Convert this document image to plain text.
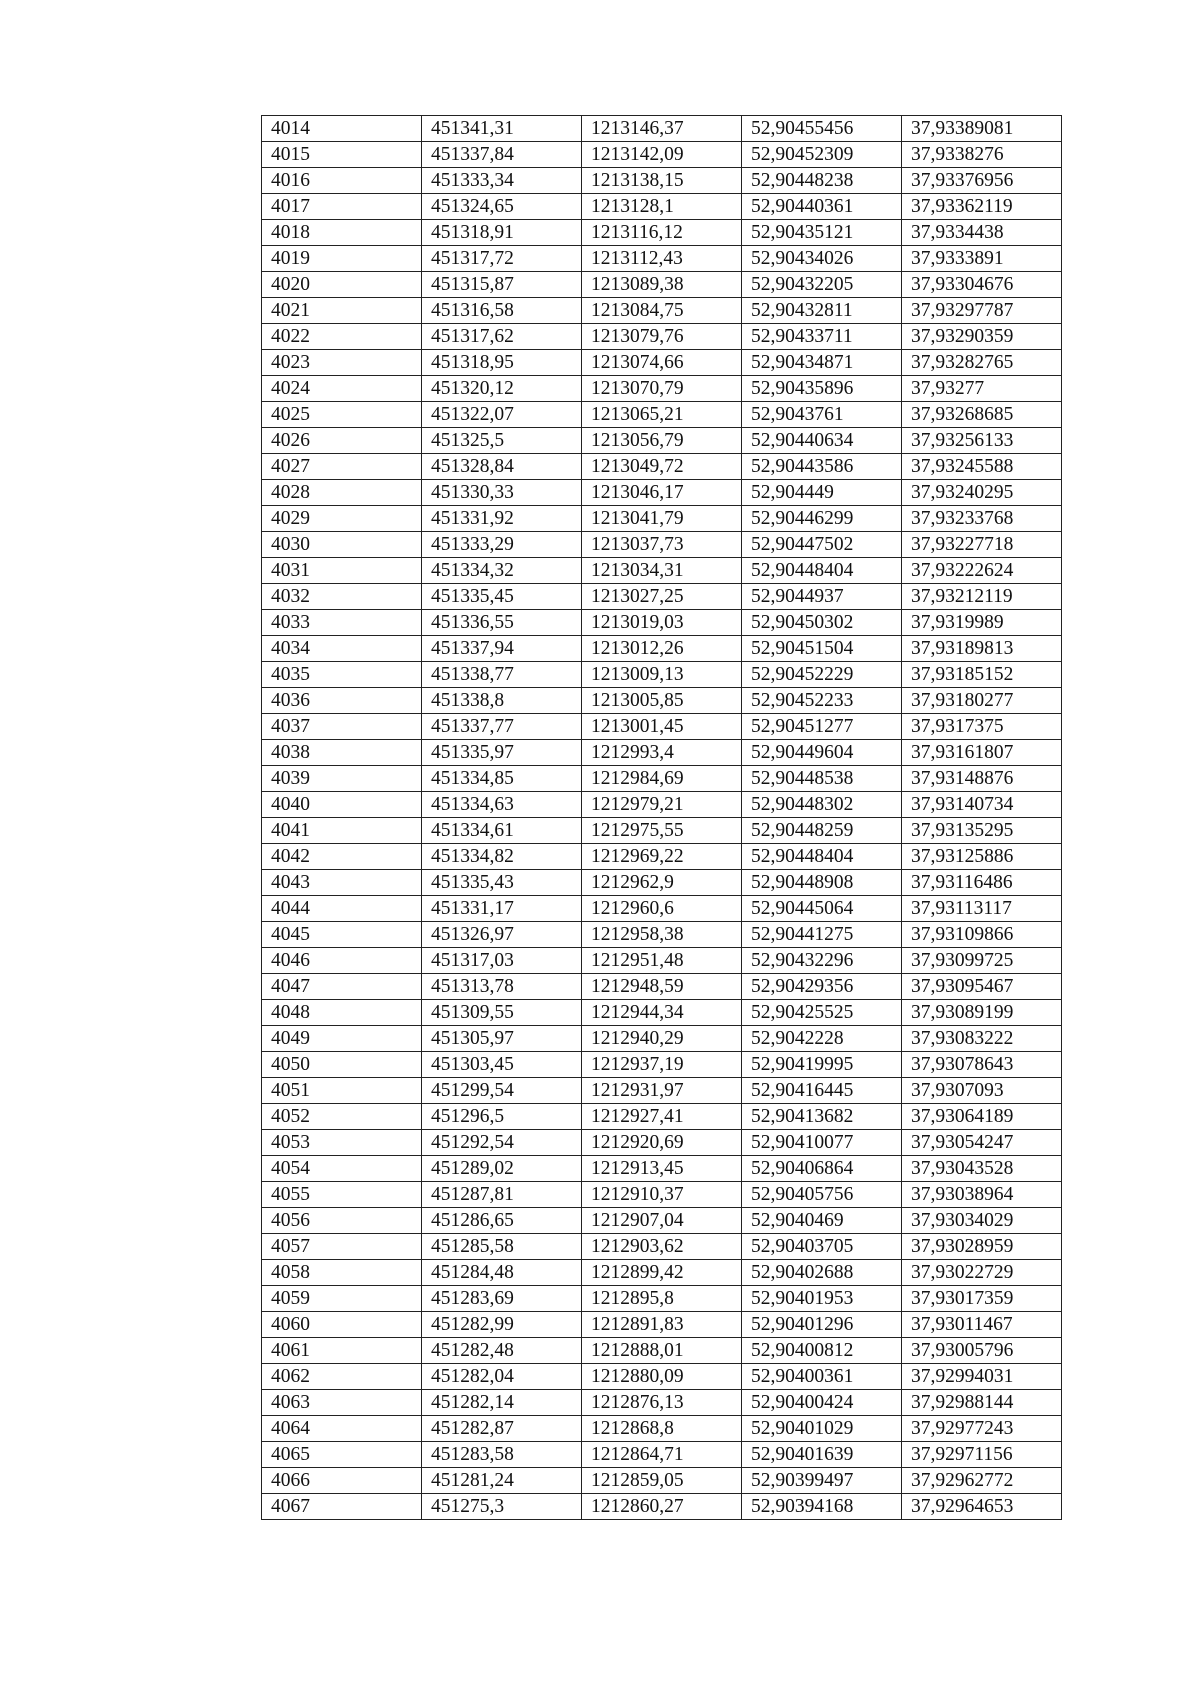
4014	451341,31	1213146,37	52,90455456	37,93389081
4015	451337,84	1213142,09	52,90452309	37,9338276
4016	451333,34	1213138,15	52,90448238	37,93376956
4017	451324,65	1213128,1	52,90440361	37,93362119
4018	451318,91	1213116,12	52,90435121	37,9334438
4019	451317,72	1213112,43	52,90434026	37,9333891
4020	451315,87	1213089,38	52,90432205	37,93304676
4021	451316,58	1213084,75	52,90432811	37,93297787
4022	451317,62	1213079,76	52,90433711	37,93290359
4023	451318,95	1213074,66	52,90434871	37,93282765
4024	451320,12	1213070,79	52,90435896	37,93277
4025	451322,07	1213065,21	52,9043761	37,93268685
4026	451325,5	1213056,79	52,90440634	37,93256133
4027	451328,84	1213049,72	52,90443586	37,93245588
4028	451330,33	1213046,17	52,904449	37,93240295
4029	451331,92	1213041,79	52,90446299	37,93233768
4030	451333,29	1213037,73	52,90447502	37,93227718
4031	451334,32	1213034,31	52,90448404	37,93222624
4032	451335,45	1213027,25	52,9044937	37,93212119
4033	451336,55	1213019,03	52,90450302	37,9319989
4034	451337,94	1213012,26	52,90451504	37,93189813
4035	451338,77	1213009,13	52,90452229	37,93185152
4036	451338,8	1213005,85	52,90452233	37,93180277
4037	451337,77	1213001,45	52,90451277	37,9317375
4038	451335,97	1212993,4	52,90449604	37,93161807
4039	451334,85	1212984,69	52,90448538	37,93148876
4040	451334,63	1212979,21	52,90448302	37,93140734
4041	451334,61	1212975,55	52,90448259	37,93135295
4042	451334,82	1212969,22	52,90448404	37,93125886
4043	451335,43	1212962,9	52,90448908	37,93116486
4044	451331,17	1212960,6	52,90445064	37,93113117
4045	451326,97	1212958,38	52,90441275	37,93109866
4046	451317,03	1212951,48	52,90432296	37,93099725
4047	451313,78	1212948,59	52,90429356	37,93095467
4048	451309,55	1212944,34	52,90425525	37,93089199
4049	451305,97	1212940,29	52,9042228	37,93083222
4050	451303,45	1212937,19	52,90419995	37,93078643
4051	451299,54	1212931,97	52,90416445	37,9307093
4052	451296,5	1212927,41	52,90413682	37,93064189
4053	451292,54	1212920,69	52,90410077	37,93054247
4054	451289,02	1212913,45	52,90406864	37,93043528
4055	451287,81	1212910,37	52,90405756	37,93038964
4056	451286,65	1212907,04	52,9040469	37,93034029
4057	451285,58	1212903,62	52,90403705	37,93028959
4058	451284,48	1212899,42	52,90402688	37,93022729
4059	451283,69	1212895,8	52,90401953	37,93017359
4060	451282,99	1212891,83	52,90401296	37,93011467
4061	451282,48	1212888,01	52,90400812	37,93005796
4062	451282,04	1212880,09	52,90400361	37,92994031
4063	451282,14	1212876,13	52,90400424	37,92988144
4064	451282,87	1212868,8	52,90401029	37,92977243
4065	451283,58	1212864,71	52,90401639	37,92971156
4066	451281,24	1212859,05	52,90399497	37,92962772
4067	451275,3	1212860,27	52,90394168	37,92964653
